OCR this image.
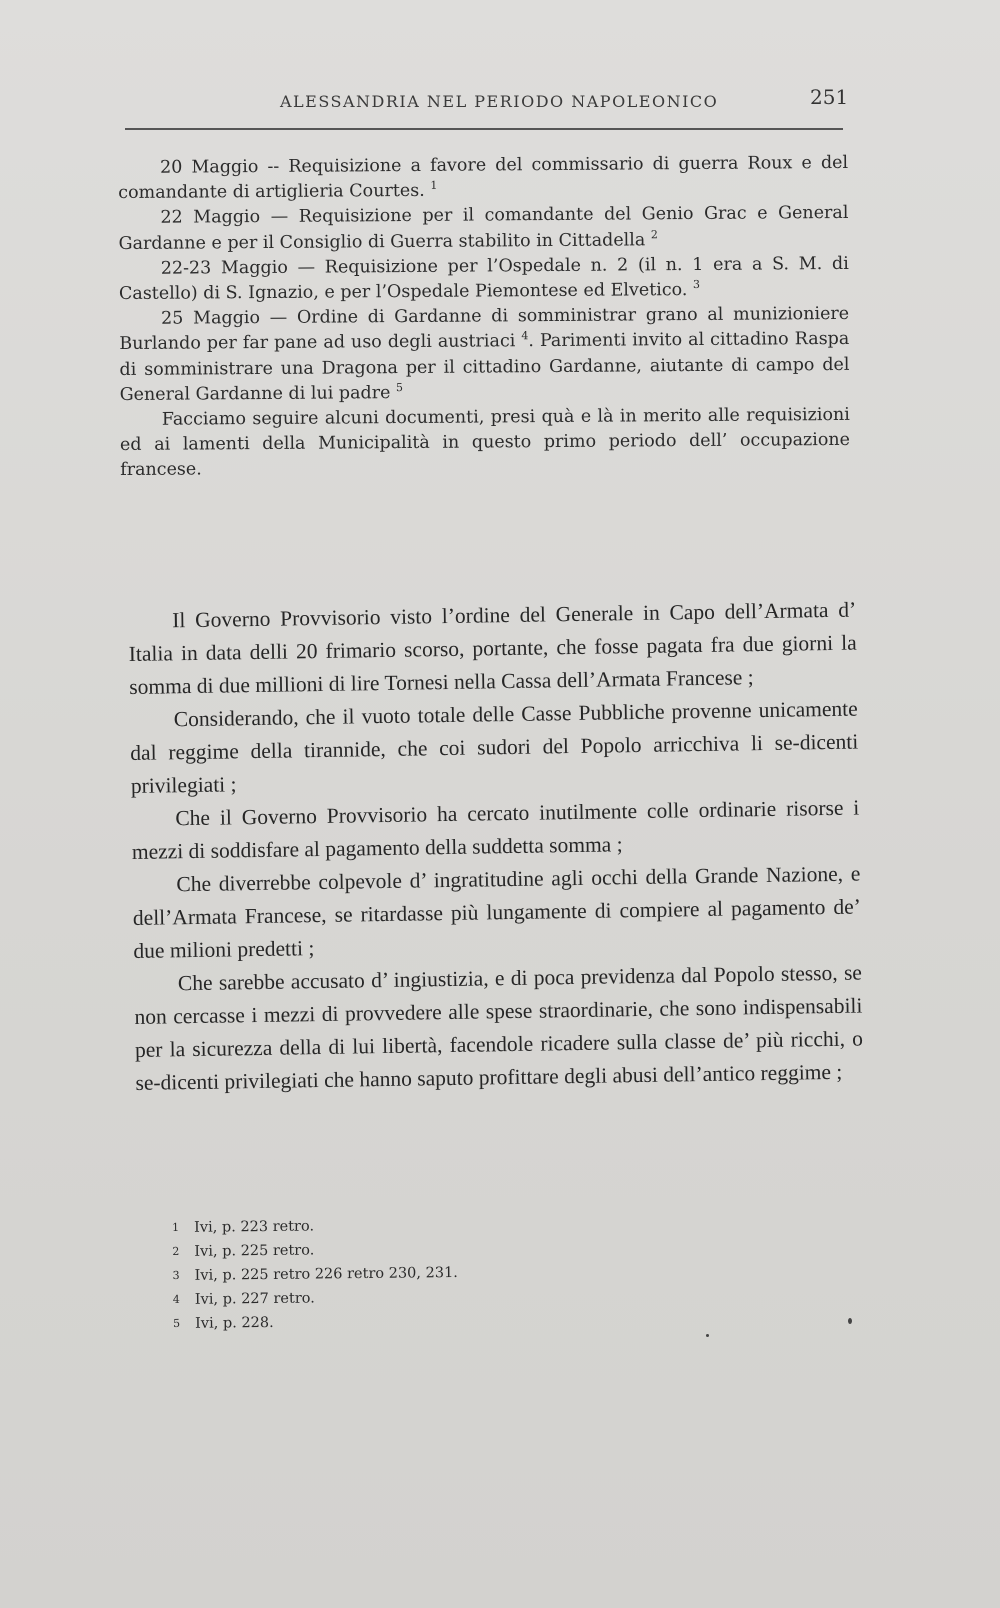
ALESSANDRIA NEL PERIODO NAPOLEONICO	251

20 Maggio -- Requisizione a favore del commissario di guerra Roux e del comandante di artiglieria Courtes. $^1$

22 Maggio — Requisizione per il comandante del Genio Grac e General Gardanne e per il Consiglio di Guerra stabilito in Cittadella $^2$

22-23 Maggio — Requisizione per l’Ospedale n. 2 (il n. 1 era a S. M. di Castello) di S. Ignazio, e per l’Ospedale Piemontese ed Elvetico. $^3$

25 Maggio — Ordine di Gardanne di somministrar grano al munizioniere Burlando per far pane ad uso degli austriaci $^4$. Parimenti invito al cittadino Raspa di somministrare una Dragona per il cittadino Gardanne, aiutante di campo del General Gardanne di lui padre $^5$

Facciamo seguire alcuni documenti, presi quà e là in merito alle requisizioni ed ai lamenti della Municipalità in questo primo periodo dell’ occupazione francese.

Il Governo Provvisorio visto l’ordine del Generale in Capo dell’Armata d’ Italia in data delli 20 frimario scorso, portante, che fosse pagata fra due giorni la somma di due millioni di lire Tornesi nella Cassa dell’Armata Francese ;

Considerando, che il vuoto totale delle Casse Pubbliche provenne unicamente dal reggime della tirannide, che coi sudori del Popolo arricchiva li se-dicenti privilegiati ;

Che il Governo Provvisorio ha cercato inutilmente colle ordinarie risorse i mezzi di soddisfare al pagamento della suddetta somma ;

Che diverrebbe colpevole d’ ingratitudine agli occhi della Grande Nazione, e dell’Armata Francese, se ritardasse più lungamente di compiere al pagamento de’ due milioni predetti ;

Che sarebbe accusato d’ ingiustizia, e di poca previdenza dal Popolo stesso, se non cercasse i mezzi di provvedere alle spese straordinarie, che sono indispensabili per la sicurezza della di lui libertà, facendole ricadere sulla classe de’ più ricchi, o se-dicenti privilegiati che hanno saputo profittare degli abusi dell’antico reggime ;

1 Ivi, p. 223 retro.
2 Ivi, p. 225 retro.
3 Ivi, p. 225 retro 226 retro 230, 231.
4 Ivi, p. 227 retro.
5 Ivi, p. 228.
